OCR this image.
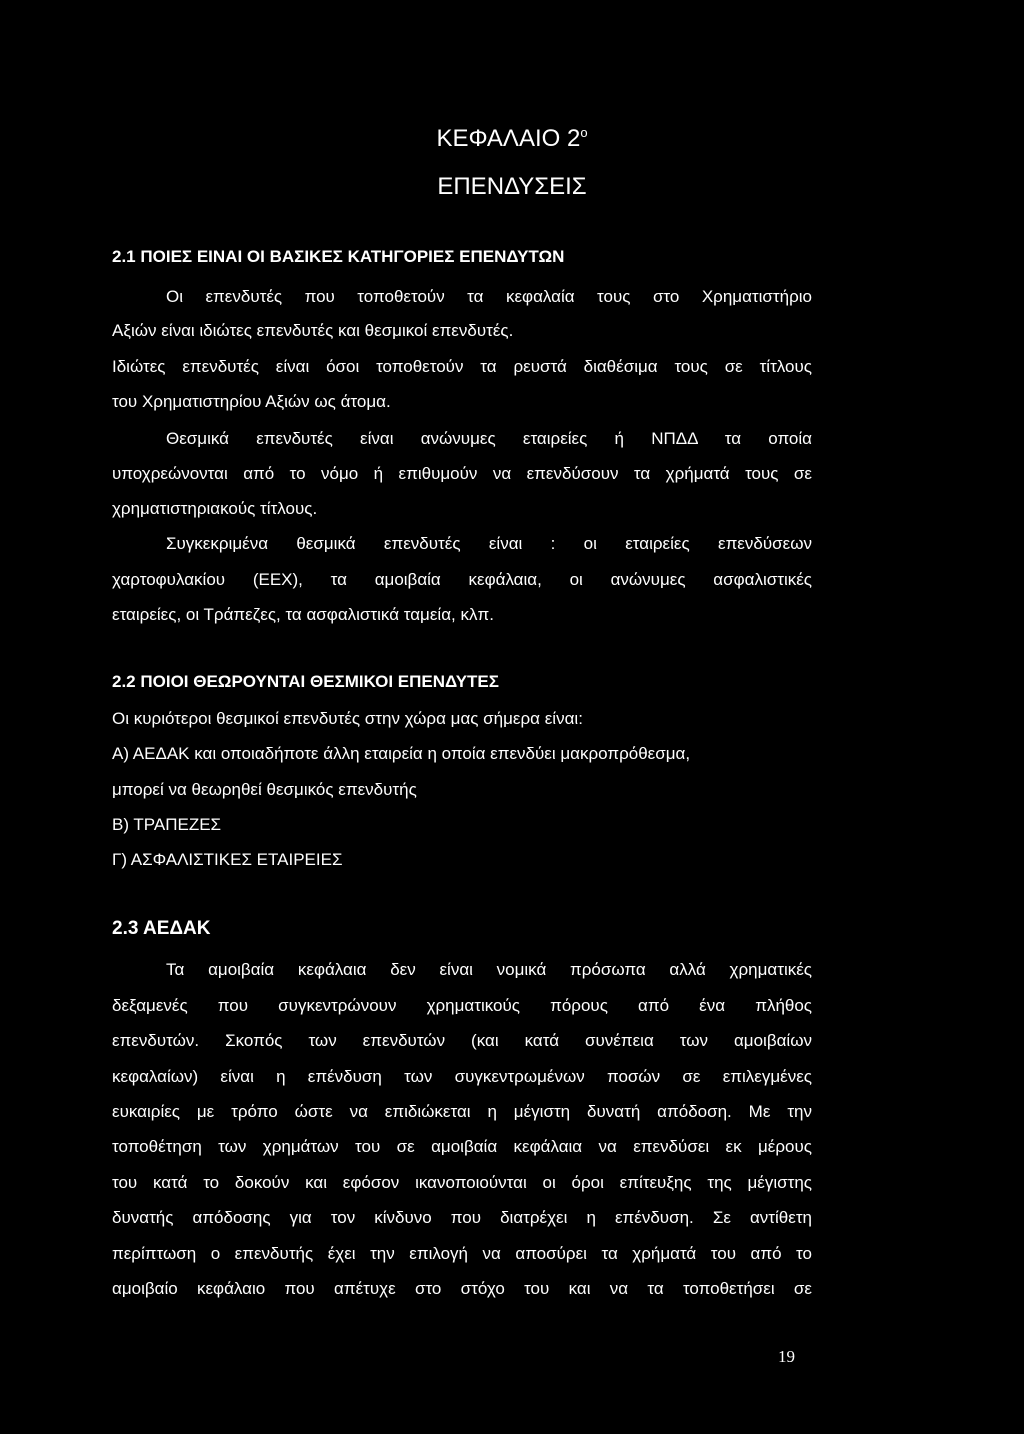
ΚΕΦΑΛΑΙΟ $2^o$
ΕΠΕΝΔΥΣΕΙΣ
2.1 ΠΟΙΕΣ ΕΙΝΑΙ ΟΙ ΒΑΣΙΚΕΣ ΚΑΤΗΓΟΡΙΕΣ ΕΠΕΝΔΥΤΩΝ
Οι επενδυτές που τοποθετούν τα κεφαλαία τους στο Χρηματιστήριο
Αξιών είναι ιδιώτες επενδυτές και θεσμικοί επενδυτές.
Ιδιώτες επενδυτές είναι όσοι τοποθετούν τα ρευστά διαθέσιμα τους σε τίτλους
του Χρηματιστηρίου Αξιών ως άτομα.
Θεσμικά επενδυτές είναι ανώνυμες εταιρείες ή ΝΠΔΔ τα οποία
υποχρεώνονται από το νόμο ή επιθυμούν να επενδύσουν τα χρήματά τους σε
χρηματιστηριακούς τίτλους.
Συγκεκριμένα θεσμικά επενδυτές είναι : οι εταιρείες επενδύσεων
χαρτοφυλακίου (ΕΕΧ), τα αμοιβαία κεφάλαια, οι ανώνυμες ασφαλιστικές
εταιρείες, οι Τράπεζες, τα ασφαλιστικά ταμεία, κλπ.
2.2 ΠΟΙΟΙ ΘΕΩΡΟΥΝΤΑΙ ΘΕΣΜΙΚΟΙ ΕΠΕΝΔΥΤΕΣ
Οι κυριότεροι θεσμικοί επενδυτές στην χώρα μας σήμερα είναι:
Α) ΑΕΔΑΚ και οποιαδήποτε άλλη εταιρεία η οποία επενδύει μακροπρόθεσμα,
μπορεί να θεωρηθεί θεσμικός επενδυτής
Β) ΤΡΑΠΕΖΕΣ
Γ) ΑΣΦΑΛΙΣΤΙΚΕΣ ΕΤΑΙΡΕΙΕΣ
2.3 ΑΕΔΑΚ
Τα αμοιβαία κεφάλαια δεν είναι νομικά πρόσωπα αλλά χρηματικές
δεξαμενές που συγκεντρώνουν χρηματικούς πόρους από ένα πλήθος
επενδυτών. Σκοπός των επενδυτών (και κατά συνέπεια των αμοιβαίων
κεφαλαίων) είναι η επένδυση των συγκεντρωμένων ποσών σε επιλεγμένες
ευκαιρίες με τρόπο ώστε να επιδιώκεται η μέγιστη δυνατή απόδοση. Με την
τοποθέτηση των χρημάτων του σε αμοιβαία κεφάλαια να επενδύσει εκ μέρους
του κατά το δοκούν και εφόσον ικανοποιούνται οι όροι επίτευξης της μέγιστης
δυνατής απόδοσης για τον κίνδυνο που διατρέχει η επένδυση. Σε αντίθετη
περίπτωση ο επενδυτής έχει την επιλογή να αποσύρει τα χρήματά του από το
αμοιβαίο κεφάλαιο που απέτυχε στο στόχο του και να τα τοποθετήσει σε
19
